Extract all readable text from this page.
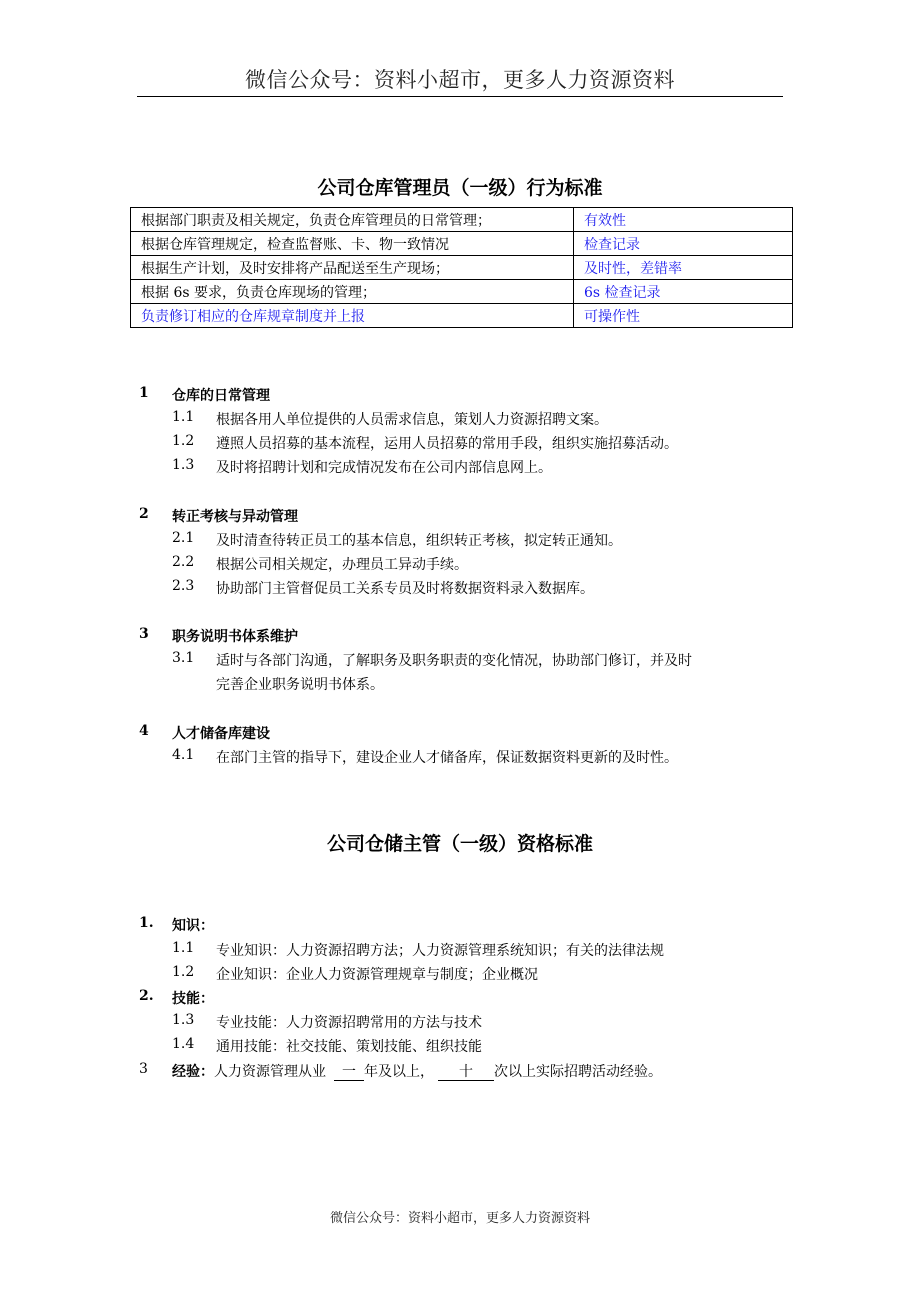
微信公众号：资料小超市，更多人力资源资料
公司仓库管理员（一级）行为标准
根据部门职责及相关规定，负责仓库管理员的日常管理；	有效性
根据仓库管理规定，检查监督账、卡、物一致情况	检查记录
根据生产计划，及时安排将产品配送至生产现场；	及时性，差错率
根据 6s 要求，负责仓库现场的管理；	6s 检查记录
负责修订相应的仓库规章制度并上报	可操作性
1 仓库的日常管理
1.1 根据各用人单位提供的人员需求信息，策划人力资源招聘文案。
1.2 遵照人员招募的基本流程，运用人员招募的常用手段，组织实施招募活动。
1.3 及时将招聘计划和完成情况发布在公司内部信息网上。
2 转正考核与异动管理
2.1 及时清查待转正员工的基本信息，组织转正考核，拟定转正通知。
2.2 根据公司相关规定，办理员工异动手续。
2.3 协助部门主管督促员工关系专员及时将数据资料录入数据库。
3 职务说明书体系维护
3.1 适时与各部门沟通，了解职务及职务职责的变化情况，协助部门修订，并及时
完善企业职务说明书体系。
4 人才储备库建设
4.1 在部门主管的指导下，建设企业人才储备库，保证数据资料更新的及时性。
公司仓储主管（一级）资格标准
1. 知识：
1.1 专业知识：人力资源招聘方法；人力资源管理系统知识；有关的法律法规
1.2 企业知识：企业人力资源管理规章与制度；企业概况
2. 技能：
1.3 专业技能：人力资源招聘常用的方法与技术
1.4 通用技能：社交技能、策划技能、组织技能
3 经验：人力资源管理从业 一 年及以上， 十 次以上实际招聘活动经验。
微信公众号：资料小超市，更多人力资源资料
